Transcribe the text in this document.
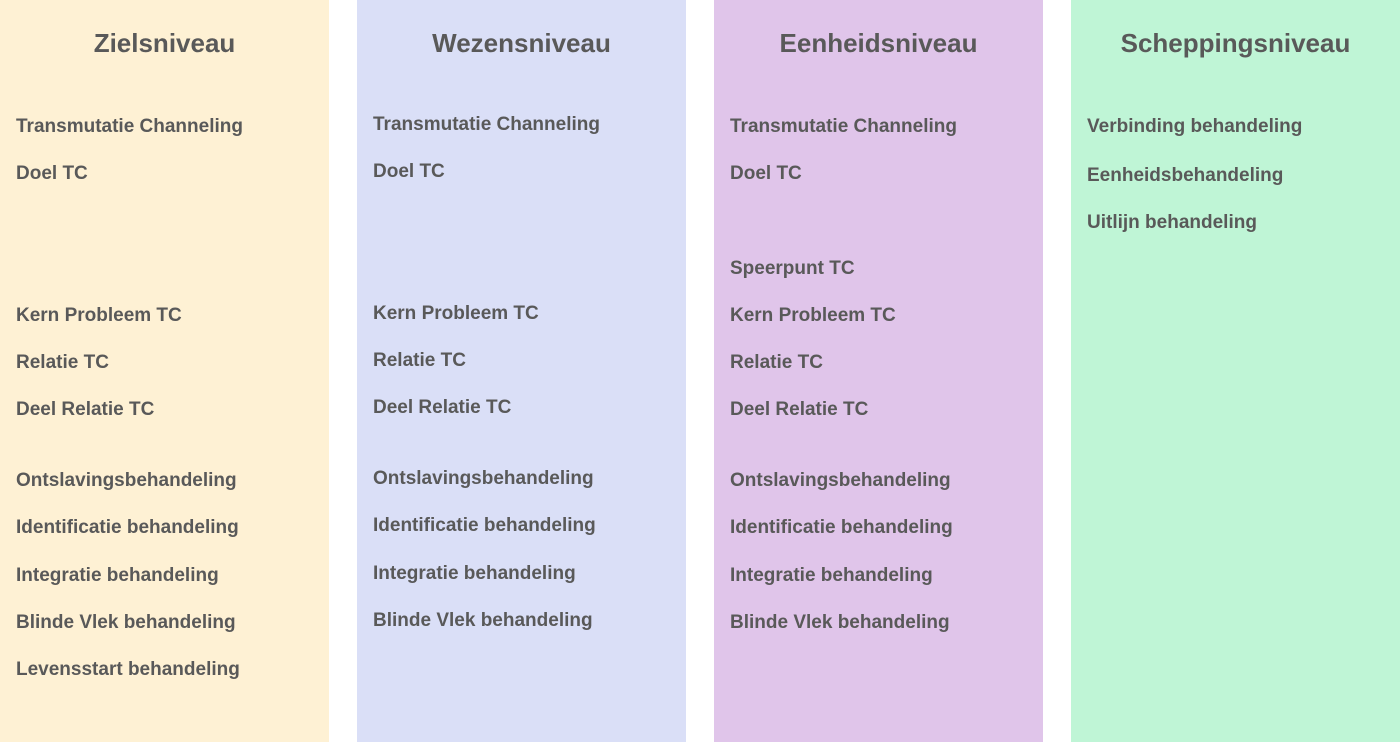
Zielsniveau
Transmutatie Channeling
Doel TC
Kern Probleem TC
Relatie TC
Deel Relatie TC
Ontslavingsbehandeling
Identificatie behandeling
Integratie behandeling
Blinde Vlek behandeling
Levensstart behandeling
Wezensniveau
Transmutatie Channeling
Doel TC
Kern Probleem TC
Relatie TC
Deel Relatie TC
Ontslavingsbehandeling
Identificatie behandeling
Integratie behandeling
Blinde Vlek behandeling
Eenheidsniveau
Transmutatie Channeling
Doel TC
Speerpunt TC
Kern Probleem TC
Relatie TC
Deel Relatie TC
Ontslavingsbehandeling
Identificatie behandeling
Integratie behandeling
Blinde Vlek behandeling
Scheppingsniveau
Verbinding behandeling
Eenheidsbehandeling
Uitlijn behandeling
